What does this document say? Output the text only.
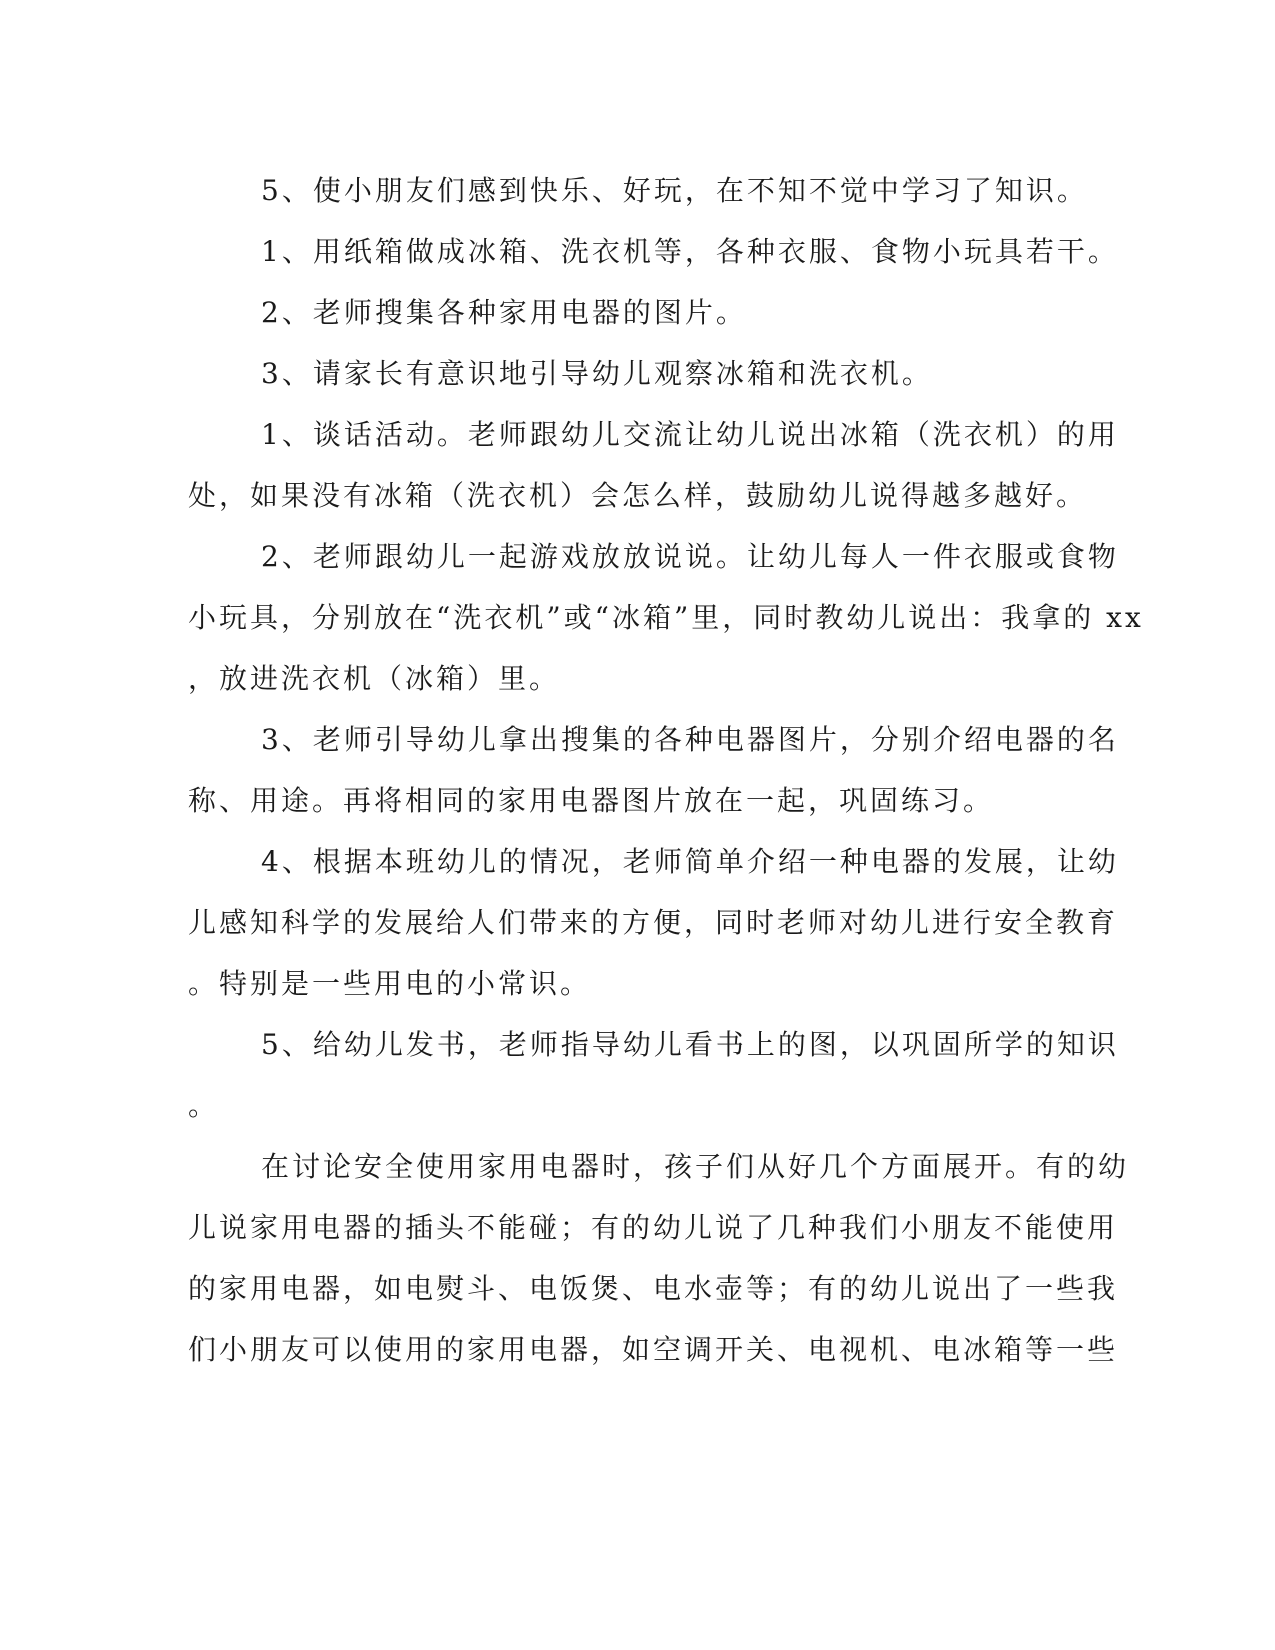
5、使小朋友们感到快乐、好玩，在不知不觉中学习了知识。

1、用纸箱做成冰箱、洗衣机等，各种衣服、食物小玩具若干。

2、老师搜集各种家用电器的图片。

3、请家长有意识地引导幼儿观察冰箱和洗衣机。

1、谈话活动。老师跟幼儿交流让幼儿说出冰箱（洗衣机）的用
处，如果没有冰箱（洗衣机）会怎么样，鼓励幼儿说得越多越好。

2、老师跟幼儿一起游戏放放说说。让幼儿每人一件衣服或食物
小玩具，分别放在“洗衣机”或“冰箱”里，同时教幼儿说出：我拿的 xx
，放进洗衣机（冰箱）里。

3、老师引导幼儿拿出搜集的各种电器图片，分别介绍电器的名
称、用途。再将相同的家用电器图片放在一起，巩固练习。

4、根据本班幼儿的情况，老师简单介绍一种电器的发展，让幼
儿感知科学的发展给人们带来的方便，同时老师对幼儿进行安全教育
。特别是一些用电的小常识。

5、给幼儿发书，老师指导幼儿看书上的图，以巩固所学的知识
。

在讨论安全使用家用电器时，孩子们从好几个方面展开。有的幼
儿说家用电器的插头不能碰；有的幼儿说了几种我们小朋友不能使用
的家用电器，如电熨斗、电饭煲、电水壶等；有的幼儿说出了一些我
们小朋友可以使用的家用电器，如空调开关、电视机、电冰箱等一些
